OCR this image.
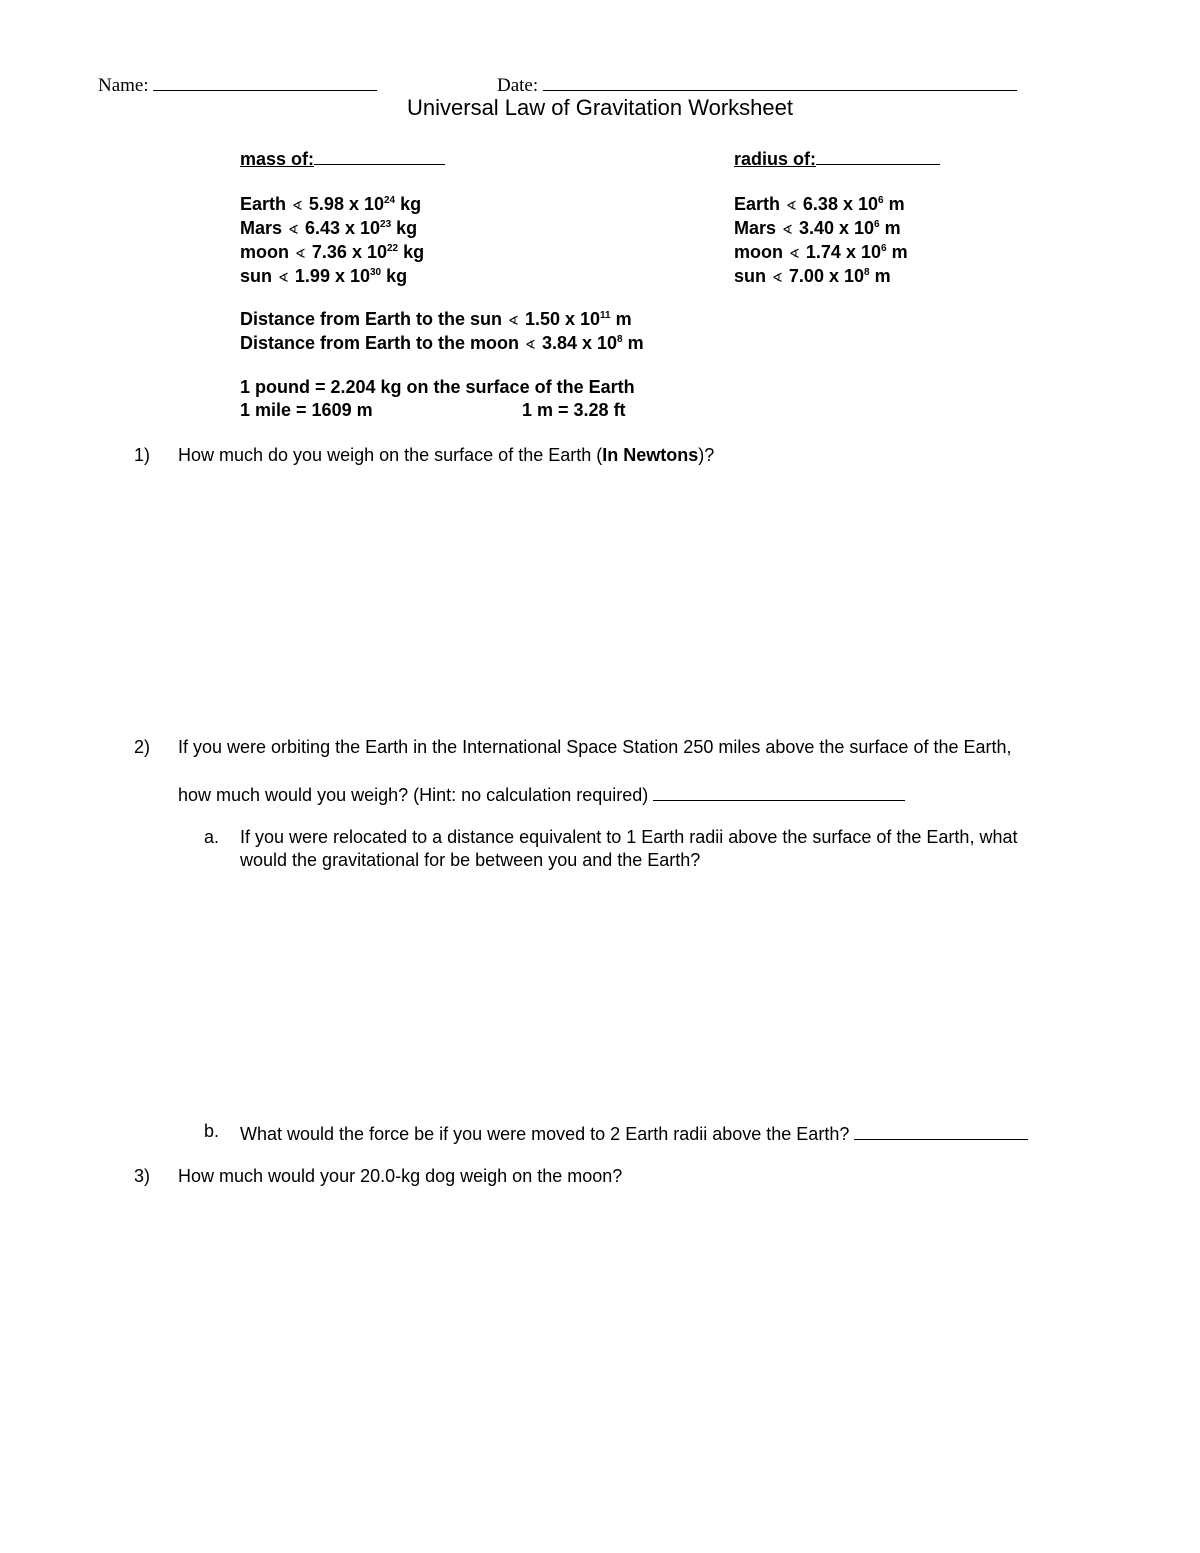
Name:	Date:
Universal Law of Gravitation Worksheet
mass of:
Earth ∢ 5.98 x $10^{24}$ kg
Mars ∢ 6.43 x $10^{23}$ kg
moon ∢ 7.36 x $10^{22}$ kg
sun ∢ 1.99 x $10^{30}$ kg
radius of:
Earth ∢ 6.38 x $10^6$ m
Mars ∢ 3.40 x $10^6$ m
moon ∢ 1.74 x $10^6$ m
sun ∢ 7.00 x $10^8$ m
Distance from Earth to the sun ∢ 1.50 x $10^{11}$ m
Distance from Earth to the moon ∢ 3.84 x $10^8$ m
1 pound = 2.204 kg on the surface of the Earth
1 mile = 1609 m	1 m = 3.28 ft
1) How much do you weigh on the surface of the Earth (In Newtons)?
2) If you were orbiting the Earth in the International Space Station 250 miles above the surface of the Earth,
how much would you weigh? (Hint: no calculation required)
a. If you were relocated to a distance equivalent to 1 Earth radii above the surface of the Earth, what
would the gravitational for be between you and the Earth?
b. What would the force be if you were moved to 2 Earth radii above the Earth?
3) How much would your 20.0-kg dog weigh on the moon?
